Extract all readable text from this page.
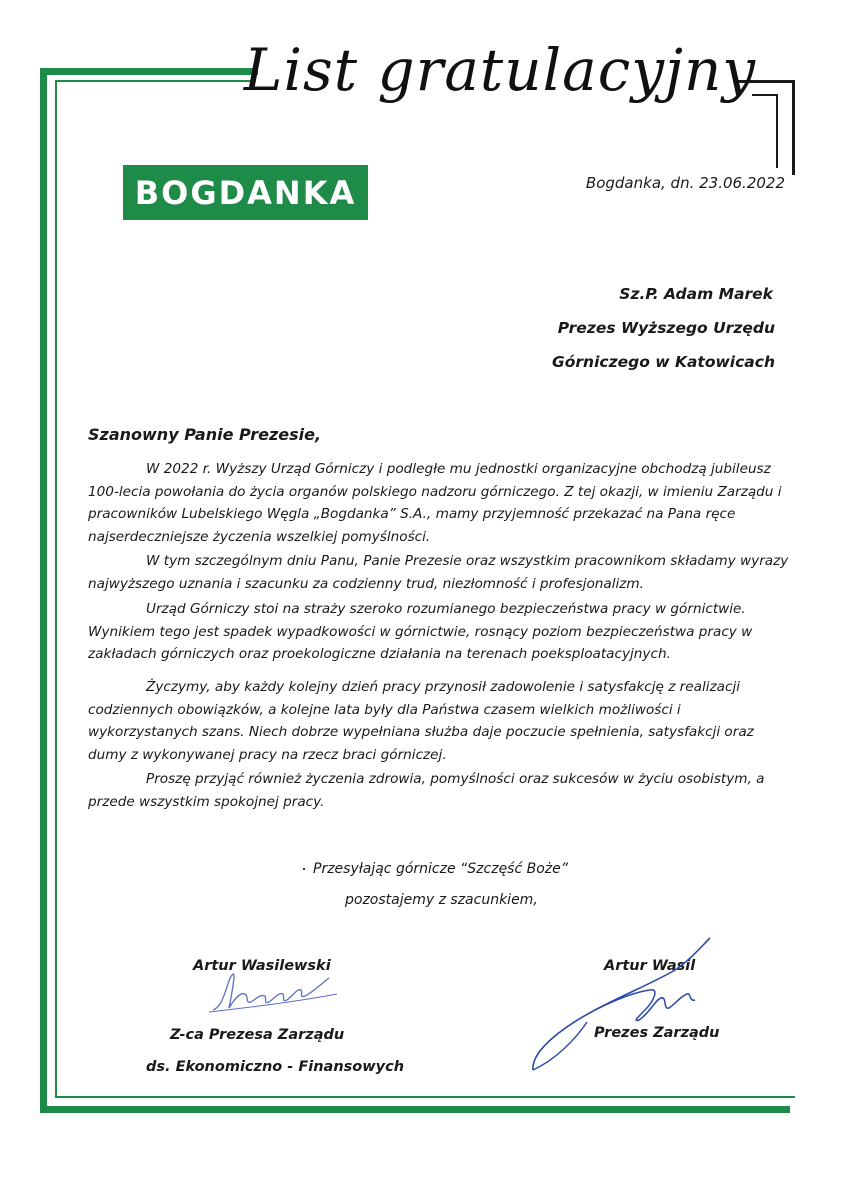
List gratulacyjny
BOGDANKA	Bogdanka, dn. 23.06.2022
Sz.P. Adam Marek
Prezes Wyższego Urzędu
Górniczego w Katowicach
Szanowny Panie Prezesie,
W 2022 r. Wyższy Urząd Górniczy i podległe mu jednostki organizacyjne obchodzą jubileusz 100-lecia powołania do życia organów polskiego nadzoru górniczego. Z tej okazji, w imieniu Zarządu i pracowników Lubelskiego Węgla „Bogdanka” S.A., mamy przyjemność przekazać na Pana ręce najserdeczniejsze życzenia wszelkiej pomyślności.
W tym szczególnym dniu Panu, Panie Prezesie oraz wszystkim pracownikom składamy wyrazy najwyższego uznania i szacunku za codzienny trud, niezłomność i profesjonalizm.
Urząd Górniczy stoi na straży szeroko rozumianego bezpieczeństwa pracy w górnictwie. Wynikiem tego jest spadek wypadkowości w górnictwie, rosnący poziom bezpieczeństwa pracy w zakładach górniczych oraz proekologiczne działania na terenach poeksploatacyjnych.
Życzymy, aby każdy kolejny dzień pracy przynosił zadowolenie i satysfakcję z realizacji codziennych obowiązków, a kolejne lata były dla Państwa czasem wielkich możliwości i wykorzystanych szans. Niech dobrze wypełniana służba daje poczucie spełnienia, satysfakcji oraz dumy z wykonywanej pracy na rzecz braci górniczej.
Proszę przyjąć również życzenia zdrowia, pomyślności oraz sukcesów w życiu osobistym, a przede wszystkim spokojnej pracy.
Przesyłając górnicze “Szczęść Boże”
pozostajemy z szacunkiem,
Artur Wasilewski
Z-ca Prezesa Zarządu
ds. Ekonomiczno - Finansowych
Artur Wasil
Prezes Zarządu
